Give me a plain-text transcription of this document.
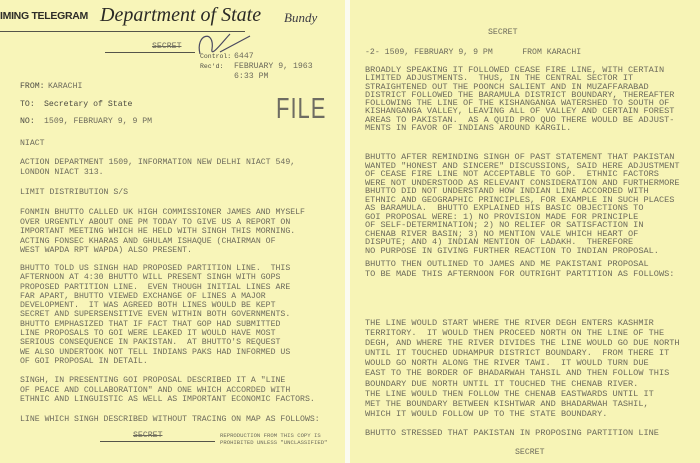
IMING TELEGRAM Department of State Bundy
SECRET
Control: 6447
Rec'd: FEBRUARY 9, 1963
6:33 PM
FROM: KARACHI
TO: Secretary of State
NO: 1509, FEBRUARY 9, 9 PM	FILE
NIACT
ACTION DEPARTMENT 1509, INFORMATION NEW DELHI NIACT 549,
LONDON NIACT 313.
LIMIT DISTRIBUTION S/S
FONMIN BHUTTO CALLED UK HIGH COMMISSIONER JAMES AND MYSELF
OVER URGENTLY ABOUT ONE PM TODAY TO GIVE US A REPORT ON
IMPORTANT MEETING WHICH HE HELD WITH SINGH THIS MORNING.
ACTING FONSEC KHARAS AND GHULAM ISHAQUE (CHAIRMAN OF
WEST WAPDA RPT WAPDA) ALSO PRESENT.
BHUTTO TOLD US SINGH HAD PROPOSED PARTITION LINE.  THIS
AFTERNOON AT 4:30 BHUTTO WILL PRESENT SINGH WITH GOPS
PROPOSED PARTITION LINE.  EVEN THOUGH INITIAL LINES ARE
FAR APART, BHUTTO VIEWED EXCHANGE OF LINES A MAJOR
DEVELOPMENT.  IT WAS AGREED BOTH LINES WOULD BE KEPT
SECRET AND SUPERSENSITIVE EVEN WITHIN BOTH GOVERNMENTS.
BHUTTO EMPHASIZED THAT IF FACT THAT GOP HAD SUBMITTED
LINE PROPOSALS TO GOI WERE LEAKED IT WOULD HAVE MOST
SERIOUS CONSEQUENCE IN PAKISTAN.  AT BHUTTO'S REQUEST
WE ALSO UNDERTOOK NOT TELL INDIANS PAKS HAD INFORMED US
OF GOI PROPOSAL IN DETAIL.
SINGH, IN PRESENTING GOI PROPOSAL DESCRIBED IT A "LINE
OF PEACE AND COLLABORATION" AND ONE WHICH ACCORDED WITH
ETHNIC AND LINGUISTIC AS WELL AS IMPORTANT ECONOMIC FACTORS.
LINE WHICH SINGH DESCRIBED WITHOUT TRACING ON MAP AS FOLLOWS:
SECRET	REPRODUCTION FROM THIS COPY IS
PROHIBITED UNLESS "UNCLASSIFIED"
SECRET
-2- 1509, FEBRUARY 9, 9 PM      FROM KARACHI
BROADLY SPEAKING IT FOLLOWED CEASE FIRE LINE, WITH CERTAIN
LIMITED ADJUSTMENTS.  THUS, IN THE CENTRAL SECTOR IT
STRAIGHTENED OUT THE POONCH SALIENT AND IN MUZAFFARABAD
DISTRICT FOLLOWED THE BARAMULA DISTRICT BOUNDARY, THEREAFTER
FOLLOWING THE LINE OF THE KISHANGANGA WATERSHED TO SOUTH OF
KISHANGANGA VALLEY, LEAVING ALL OF VALLEY AND CERTAIN FOREST
AREAS TO PAKISTAN.  AS A QUID PRO QUO THERE WOULD BE ADJUST-
MENTS IN FAVOR OF INDIANS AROUND KARGIL.
BHUTTO AFTER REMINDING SINGH OF PAST STATEMENT THAT PAKISTAN
WANTED "HONEST AND SINCERE" DISCUSSIONS, SAID HERE ADJUSTMENT
OF CEASE FIRE LINE NOT ACCEPTABLE TO GOP.  ETHNIC FACTORS
WERE NOT UNDERSTOOD AS RELEVANT CONSIDERATION AND FURTHERMORE
BHUTTO DID NOT UNDERSTAND HOW INDIAN LINE ACCORDED WITH
ETHNIC AND GEOGRAPHIC PRINCIPLES, FOR EXAMPLE IN SUCH PLACES
AS BARAMULA.  BHUTTO EXPLAINED HIS BASIC OBJECTIONS TO
GOI PROPOSAL WERE: 1) NO PROVISION MADE FOR PRINCIPLE
OF SELF-DETERMINATION; 2) NO RELIEF OR SATISFACTION IN
CHENAB RIVER BASIN; 3) NO MENTION VALE WHICH HEART OF
DISPUTE; AND 4) INDIAN MENTION OF LADAKH.  THEREFORE
NO PURPOSE IN GIVING FURTHER REACTION TO INDIAN PROPOSAL.
BHUTTO THEN OUTLINED TO JAMES AND ME PAKISTANI PROPOSAL
TO BE MADE THIS AFTERNOON FOR OUTRIGHT PARTITION AS FOLLOWS:
THE LINE WOULD START WHERE THE RIVER DEGH ENTERS KASHMIR
TERRITORY.  IT WOULD THEN PROCEED NORTH ON THE LINE OF THE
DEGH, AND WHERE THE RIVER DIVIDES THE LINE WOULD GO DUE NORTH
UNTIL IT TOUCHED UDHAMPUR DISTRICT BOUNDARY.  FROM THERE IT
WOULD GO NORTH ALONG THE RIVER TAWI.  IT WOULD TURN DUE
EAST TO THE BORDER OF BHADARWAH TAHSIL AND THEN FOLLOW THIS
BOUNDARY DUE NORTH UNTIL IT TOUCHED THE CHENAB RIVER.
THE LINE WOULD THEN FOLLOW THE CHENAB EASTWARDS UNTIL IT
MET THE BOUNDARY BETWEEN KISHTWAR AND BHADARWAH TASHIL,
WHICH IT WOULD FOLLOW UP TO THE STATE BOUNDARY.
BHUTTO STRESSED THAT PAKISTAN IN PROPOSING PARTITION LINE
SECRET
